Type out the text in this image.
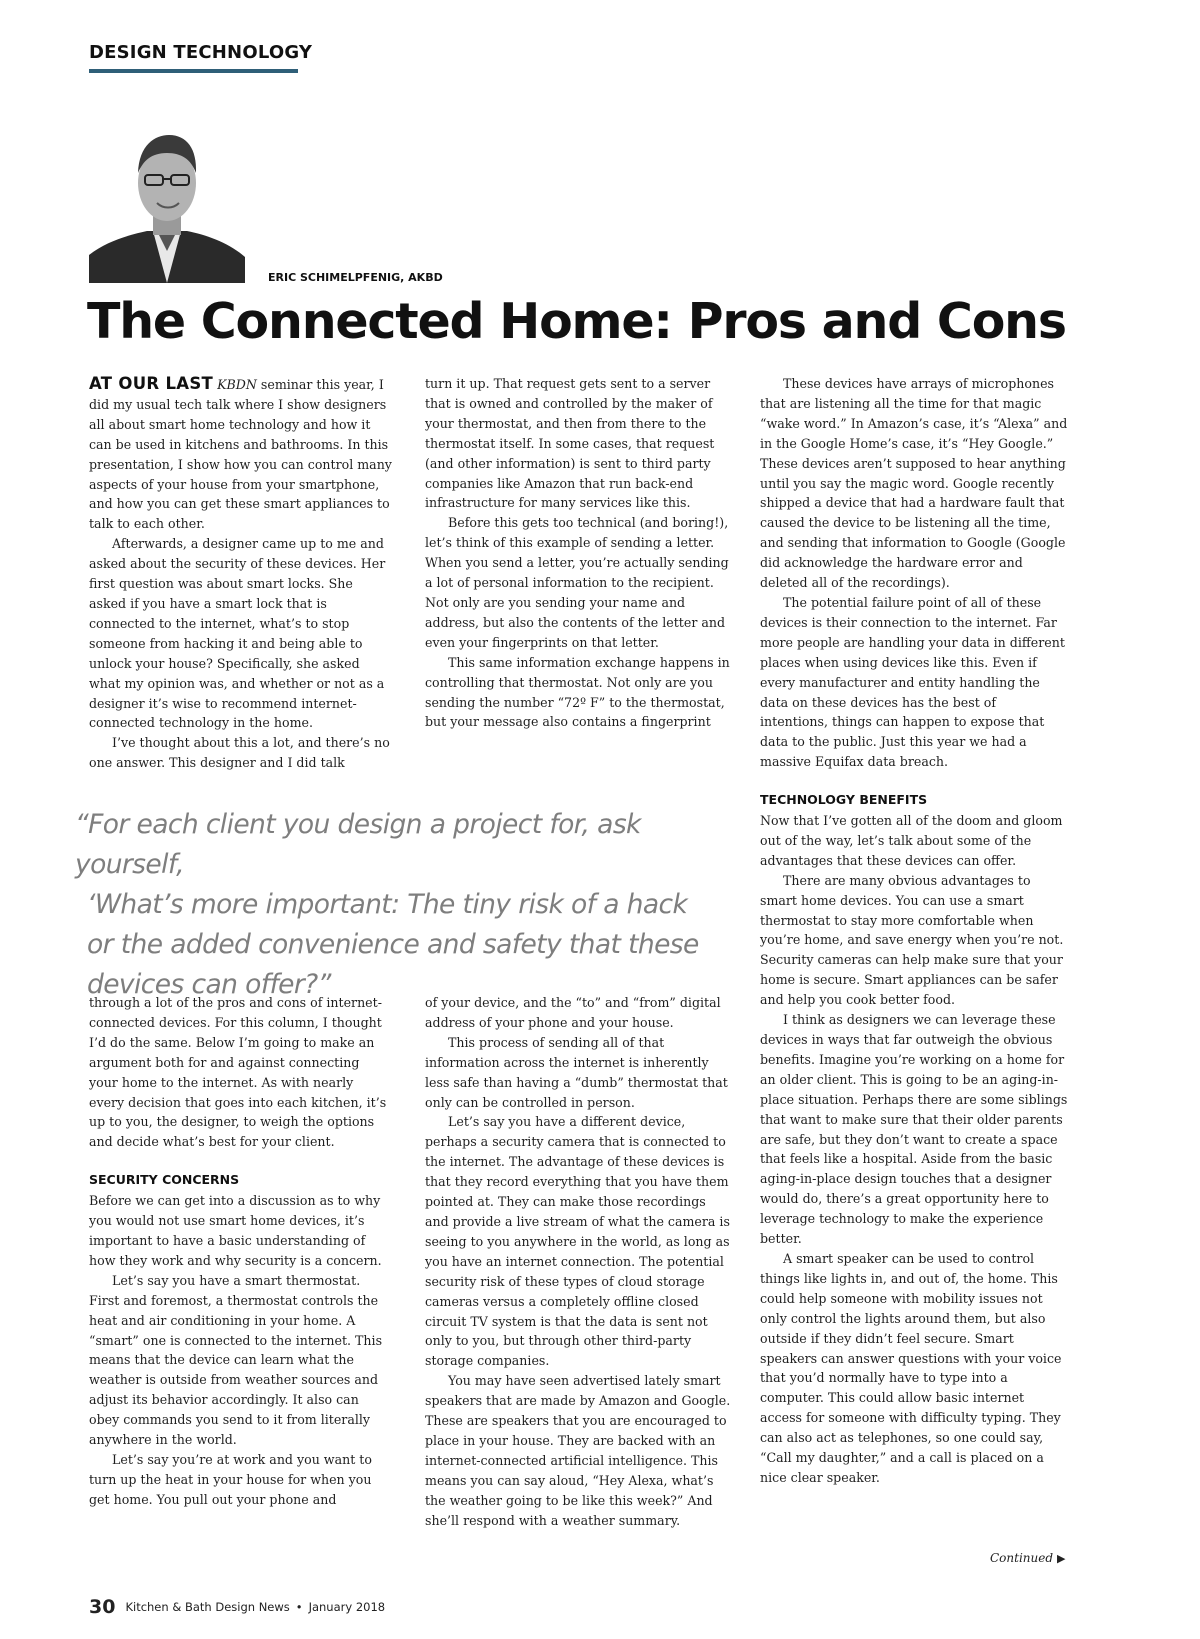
DESIGN TECHNOLOGY
ERIC SCHIMELPFENIG, AKBD
The Connected Home: Pros and Cons

AT OUR LAST KBDN seminar this year, I did my usual tech talk where I show designers all about smart home technology and how it can be used in kitchens and bathrooms. In this presentation, I show how you can control many aspects of your house from your smartphone, and how you can get these smart appliances to talk to each other.

Afterwards, a designer came up to me and asked about the security of these devices. Her first question was about smart locks. She asked if you have a smart lock that is connected to the internet, what’s to stop someone from hacking it and being able to unlock your house? Specifically, she asked what my opinion was, and whether or not as a designer it’s wise to recommend internet-connected technology in the home.

I’ve thought about this a lot, and there’s no one answer. This designer and I did talk

turn it up. That request gets sent to a server that is owned and controlled by the maker of your thermostat, and then from there to the thermostat itself. In some cases, that request (and other information) is sent to third party companies like Amazon that run back-end infrastructure for many services like this.

Before this gets too technical (and boring!), let’s think of this example of sending a letter. When you send a letter, you’re actually sending a lot of personal information to the recipient. Not only are you sending your name and address, but also the contents of the letter and even your fingerprints on that letter.

This same information exchange happens in controlling that thermostat. Not only are you sending the number “72º F” to the thermostat, but your message also contains a fingerprint

“For each client you design a project for, ask yourself,
‘What’s more important: The tiny risk of a hack
or the added convenience and safety that these
devices can offer?”

through a lot of the pros and cons of internet-connected devices. For this column, I thought I’d do the same. Below I’m going to make an argument both for and against connecting your home to the internet. As with nearly every decision that goes into each kitchen, it’s up to you, the designer, to weigh the options and decide what’s best for your client.

SECURITY CONCERNS

Before we can get into a discussion as to why you would not use smart home devices, it’s important to have a basic understanding of how they work and why security is a concern.

Let’s say you have a smart thermostat. First and foremost, a thermostat controls the heat and air conditioning in your home. A “smart” one is connected to the internet. This means that the device can learn what the weather is outside from weather sources and adjust its behavior accordingly. It also can obey commands you send to it from literally anywhere in the world.

Let’s say you’re at work and you want to turn up the heat in your house for when you get home. You pull out your phone and

of your device, and the “to” and “from” digital address of your phone and your house.

This process of sending all of that information across the internet is inherently less safe than having a “dumb” thermostat that only can be controlled in person.

Let’s say you have a different device, perhaps a security camera that is connected to the internet. The advantage of these devices is that they record everything that you have them pointed at. They can make those recordings and provide a live stream of what the camera is seeing to you anywhere in the world, as long as you have an internet connection. The potential security risk of these types of cloud storage cameras versus a completely offline closed circuit TV system is that the data is sent not only to you, but through other third-party storage companies.

You may have seen advertised lately smart speakers that are made by Amazon and Google. These are speakers that you are encouraged to place in your house. They are backed with an internet-connected artificial intelligence. This means you can say aloud, “Hey Alexa, what’s the weather going to be like this week?” And she’ll respond with a weather summary.

These devices have arrays of microphones that are listening all the time for that magic “wake word.” In Amazon’s case, it’s “Alexa” and in the Google Home’s case, it’s “Hey Google.” These devices aren’t supposed to hear anything until you say the magic word. Google recently shipped a device that had a hardware fault that caused the device to be listening all the time, and sending that information to Google (Google did acknowledge the hardware error and deleted all of the recordings).

The potential failure point of all of these devices is their connection to the internet. Far more people are handling your data in different places when using devices like this. Even if every manufacturer and entity handling the data on these devices has the best of intentions, things can happen to expose that data to the public. Just this year we had a massive Equifax data breach.

TECHNOLOGY BENEFITS

Now that I’ve gotten all of the doom and gloom out of the way, let’s talk about some of the advantages that these devices can offer.

There are many obvious advantages to smart home devices. You can use a smart thermostat to stay more comfortable when you’re home, and save energy when you’re not. Security cameras can help make sure that your home is secure. Smart appliances can be safer and help you cook better food.

I think as designers we can leverage these devices in ways that far outweigh the obvious benefits. Imagine you’re working on a home for an older client. This is going to be an aging-in-place situation. Perhaps there are some siblings that want to make sure that their older parents are safe, but they don’t want to create a space that feels like a hospital. Aside from the basic aging-in-place design touches that a designer would do, there’s a great opportunity here to leverage technology to make the experience better.

A smart speaker can be used to control things like lights in, and out of, the home. This could help someone with mobility issues not only control the lights around them, but also outside if they didn’t feel secure. Smart speakers can answer questions with your voice that you’d normally have to type into a computer. This could allow basic internet access for someone with difficulty typing. They can also act as telephones, so one could say, “Call my daughter,” and a call is placed on a nice clear speaker.

Continued ▶
30 Kitchen & Bath Design News • January 2018
